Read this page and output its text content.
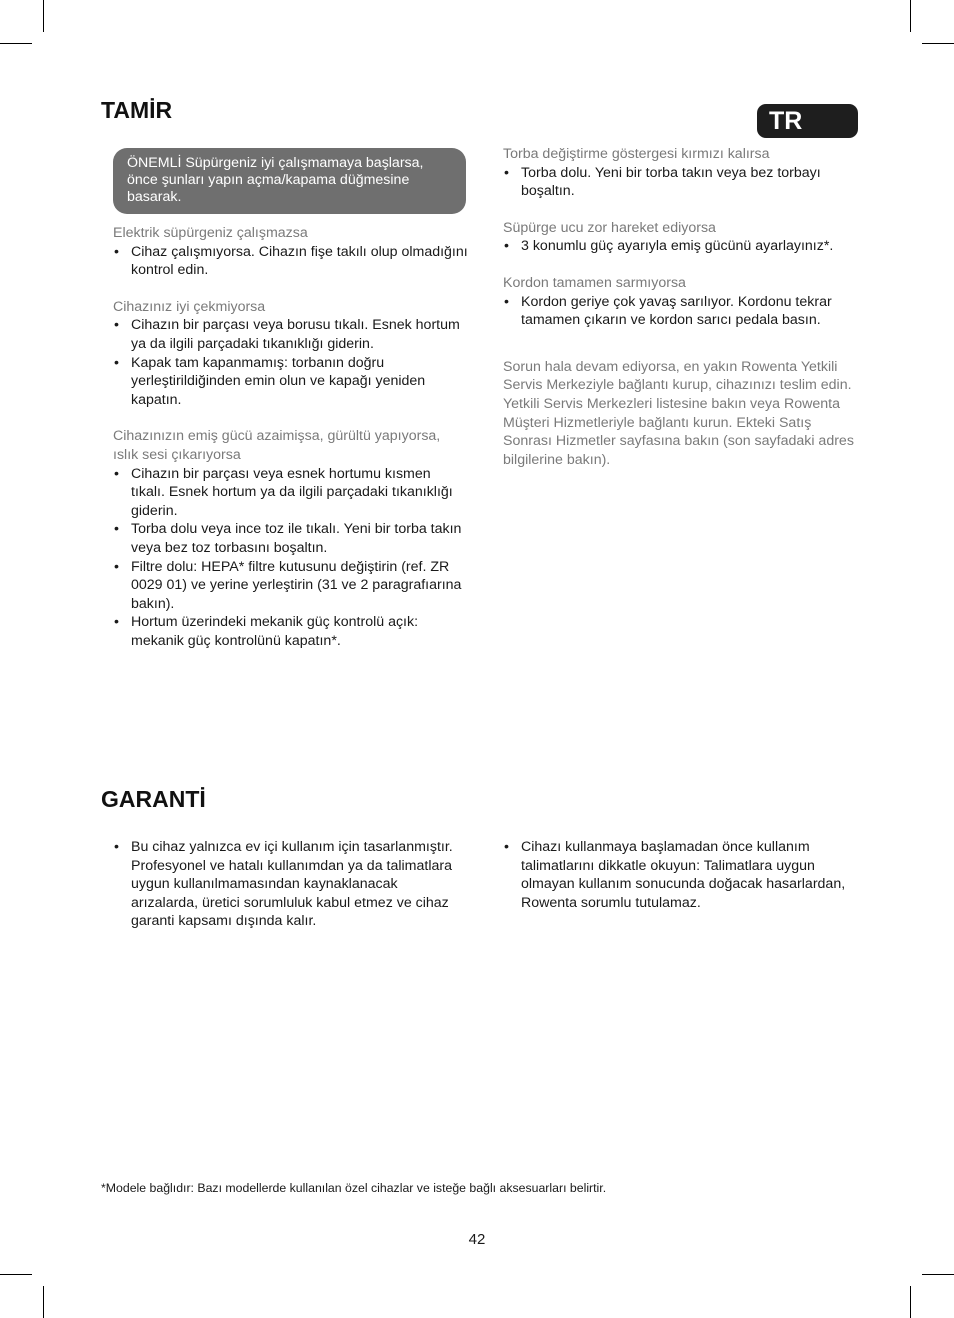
TAMİR	TR
ÖNEMLİ Süpürgeniz iyi çalışmamaya başlarsa, önce şunları yapın açma/kapama düğmesine basarak.

Elektrik süpürgeniz çalışmazsa

• Cihaz çalışmıyorsa. Cihazın fişe takılı olup olmadığını kontrol edin.

Cihazınız iyi çekmiyorsa

• Cihazın bir parçası veya borusu tıkalı. Esnek hortum ya da ilgili parçadaki tıkanıklığı giderin.
• Kapak tam kapanmamış: torbanın doğru yerleştirildiğinden emin olun ve kapağı yeniden kapatın.

Cihazınızın emiş gücü azaimişsa, gürültü yapıyorsa, ıslık sesi çıkarıyorsa

• Cihazın bir parçası veya esnek hortumu kısmen tıkalı. Esnek hortum ya da ilgili parçadaki tıkanıklığı giderin.
• Torba dolu veya ince toz ile tıkalı. Yeni bir torba takın veya bez toz torbasını boşaltın.
• Filtre dolu: HEPA* filtre kutusunu değiştirin (ref. ZR 0029 01) ve yerine yerleştirin (31 ve 2 paragrafıarına bakın).
• Hortum üzerindeki mekanik güç kontrolü açık: mekanik güç kontrolünü kapatın*.

Torba değiştirme göstergesi kırmızı kalırsa

• Torba dolu. Yeni bir torba takın veya bez torbayı boşaltın.

Süpürge ucu zor hareket ediyorsa

• 3 konumlu güç ayarıyla emiş gücünü ayarlayınız*.

Kordon tamamen sarmıyorsa

• Kordon geriye çok yavaş sarılıyor. Kordonu tekrar tamamen çıkarın ve kordon sarıcı pedala basın.

Sorun hala devam ediyorsa, en yakın Rowenta Yetkili Servis Merkeziyle bağlantı kurup, cihazınızı teslim edin.

Yetkili Servis Merkezleri listesine bakın veya Rowenta Müşteri Hizmetleriyle bağlantı kurun. Ekteki Satış Sonrası Hizmetler sayfasına bakın (son sayfadaki adres bilgilerine bakın).

GARANTİ
• Bu cihaz yalnızca ev içi kullanım için tasarlanmıştır. Profesyonel ve hatalı kullanımdan ya da talimatlara uygun kullanılmamasından kaynaklanacak arızalarda, üretici sorumluluk kabul etmez ve cihaz garanti kapsamı dışında kalır.
• Cihazı kullanmaya başlamadan önce kullanım talimatlarını dikkatle okuyun: Talimatlara uygun olmayan kullanım sonucunda doğacak hasarlardan, Rowenta sorumlu tutulamaz.
*Modele bağlıdır: Bazı modellerde kullanılan özel cihazlar ve isteğe bağlı aksesuarları belirtir.
42
